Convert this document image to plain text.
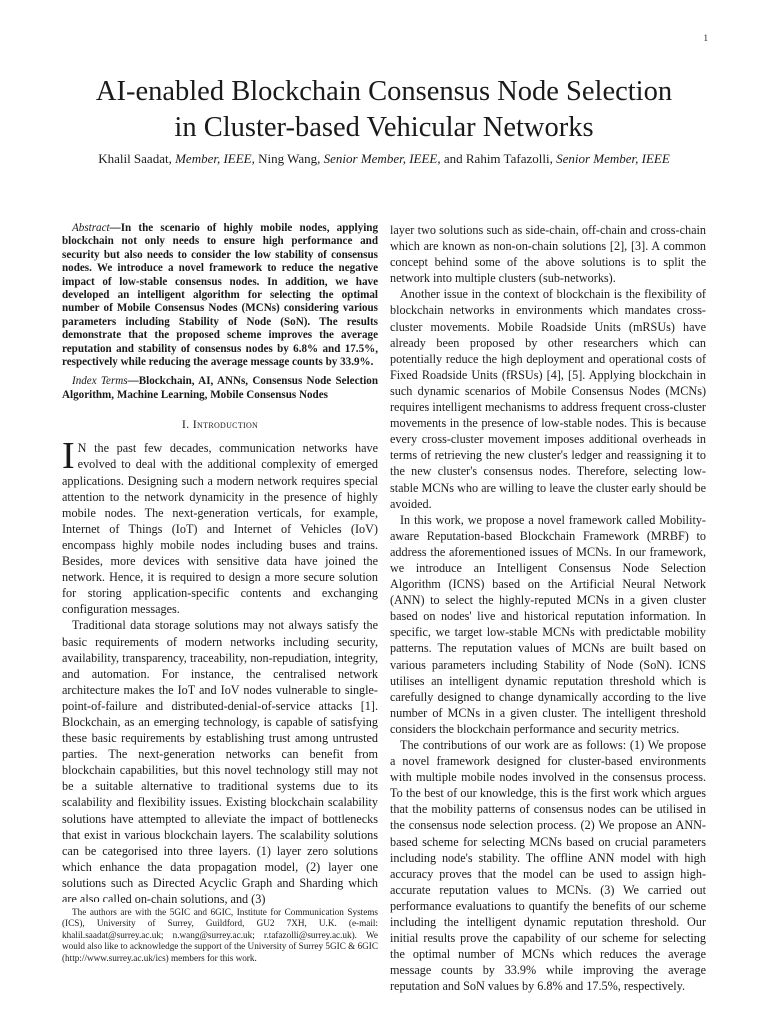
1
AI-enabled Blockchain Consensus Node Selection
in Cluster-based Vehicular Networks
Khalil Saadat, Member, IEEE, Ning Wang, Senior Member, IEEE, and Rahim Tafazolli, Senior Member, IEEE

Abstract—In the scenario of highly mobile nodes, applying blockchain not only needs to ensure high performance and security but also needs to consider the low stability of consensus nodes. We introduce a novel framework to reduce the negative impact of low-stable consensus nodes. In addition, we have developed an intelligent algorithm for selecting the optimal number of Mobile Consensus Nodes (MCNs) considering various parameters including Stability of Node (SoN). The results demonstrate that the proposed scheme improves the average reputation and stability of consensus nodes by 6.8% and 17.5%, respectively while reducing the average message counts by 33.9%.

Index Terms—Blockchain, AI, ANNs, Consensus Node Selection Algorithm, Machine Learning, Mobile Consensus Nodes

I. Introduction

I N the past few decades, communication networks have evolved to deal with the additional complexity of emerged applications. Designing such a modern network requires special attention to the network dynamicity in the presence of highly mobile nodes. The next-generation verticals, for example, Internet of Things (IoT) and Internet of Vehicles (IoV) encompass highly mobile nodes including buses and trains. Besides, more devices with sensitive data have joined the network. Hence, it is required to design a more secure solution for storing application-specific contents and exchanging configuration messages.

Traditional data storage solutions may not always satisfy the basic requirements of modern networks including security, availability, transparency, traceability, non-repudiation, integrity, and automation. For instance, the centralised network architecture makes the IoT and IoV nodes vulnerable to single-point-of-failure and distributed-denial-of-service attacks [1]. Blockchain, as an emerging technology, is capable of satisfying these basic requirements by establishing trust among untrusted parties. The next-generation networks can benefit from blockchain capabilities, but this novel technology still may not be a suitable alternative to traditional systems due to its scalability and flexibility issues. Existing blockchain scalability solutions have attempted to alleviate the impact of bottlenecks that exist in various blockchain layers. The scalability solutions can be categorised into three layers. (1) layer zero solutions which enhance the data propagation model, (2) layer one solutions such as Directed Acyclic Graph and Sharding which are also called on-chain solutions, and (3)

layer two solutions such as side-chain, off-chain and cross-chain which are known as non-on-chain solutions [2], [3]. A common concept behind some of the above solutions is to split the network into multiple clusters (sub-networks).

Another issue in the context of blockchain is the flexibility of blockchain networks in environments which mandates cross-cluster movements. Mobile Roadside Units (mRSUs) have already been proposed by other researchers which can potentially reduce the high deployment and operational costs of Fixed Roadside Units (fRSUs) [4], [5]. Applying blockchain in such dynamic scenarios of Mobile Consensus Nodes (MCNs) requires intelligent mechanisms to address frequent cross-cluster movements in the presence of low-stable nodes. This is because every cross-cluster movement imposes additional overheads in terms of retrieving the new cluster's ledger and reassigning it to the new cluster's consensus nodes. Therefore, selecting low-stable MCNs who are willing to leave the cluster early should be avoided.

In this work, we propose a novel framework called Mobility-aware Reputation-based Blockchain Framework (MRBF) to address the aforementioned issues of MCNs. In our framework, we introduce an Intelligent Consensus Node Selection Algorithm (ICNS) based on the Artificial Neural Network (ANN) to select the highly-reputed MCNs in a given cluster based on nodes' live and historical reputation information. In specific, we target low-stable MCNs with predictable mobility patterns. The reputation values of MCNs are built based on various parameters including Stability of Node (SoN). ICNS utilises an intelligent dynamic reputation threshold which is carefully designed to change dynamically according to the live number of MCNs in a given cluster. The intelligent threshold considers the blockchain performance and security metrics.

The contributions of our work are as follows: (1) We propose a novel framework designed for cluster-based environments with multiple mobile nodes involved in the consensus process. To the best of our knowledge, this is the first work which argues that the mobility patterns of consensus nodes can be utilised in the consensus node selection process. (2) We propose an ANN-based scheme for selecting MCNs based on crucial parameters including node's stability. The offline ANN model with high accuracy proves that the model can be used to assign high-accurate reputation values to MCNs. (3) We carried out performance evaluations to quantify the benefits of our scheme including the intelligent dynamic reputation threshold. Our initial results prove the capability of our scheme for selecting the optimal number of MCNs which reduces the average message counts by 33.9% while improving the average reputation and SoN values by 6.8% and 17.5%, respectively.

The authors are with the 5GIC and 6GIC, Institute for Communication Systems (ICS), University of Surrey, Guildford, GU2 7XH, U.K. (e-mail: khalil.saadat@surrey.ac.uk; n.wang@surrey.ac.uk; r.tafazolli@surrey.ac.uk). We would also like to acknowledge the support of the University of Surrey 5GIC & 6GIC (http://www.surrey.ac.uk/ics) members for this work.
